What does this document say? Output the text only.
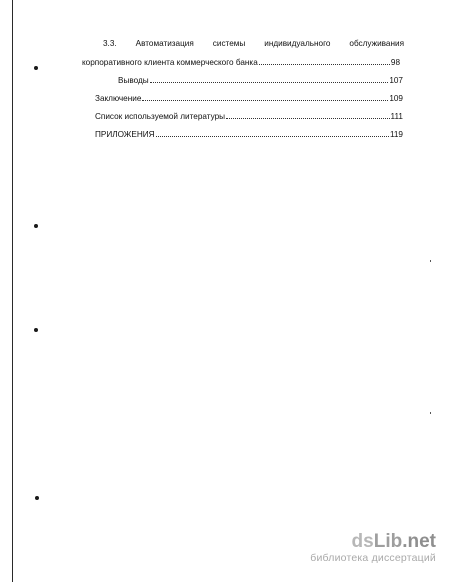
3.3. Автоматизация системы индивидуального обслуживания
корпоративного клиента коммерческого банка	98
Выводы	107
Заключение	109
Список используемой литературы	111
ПРИЛОЖЕНИЯ	119
dsLib.net
библиотека диссертаций
